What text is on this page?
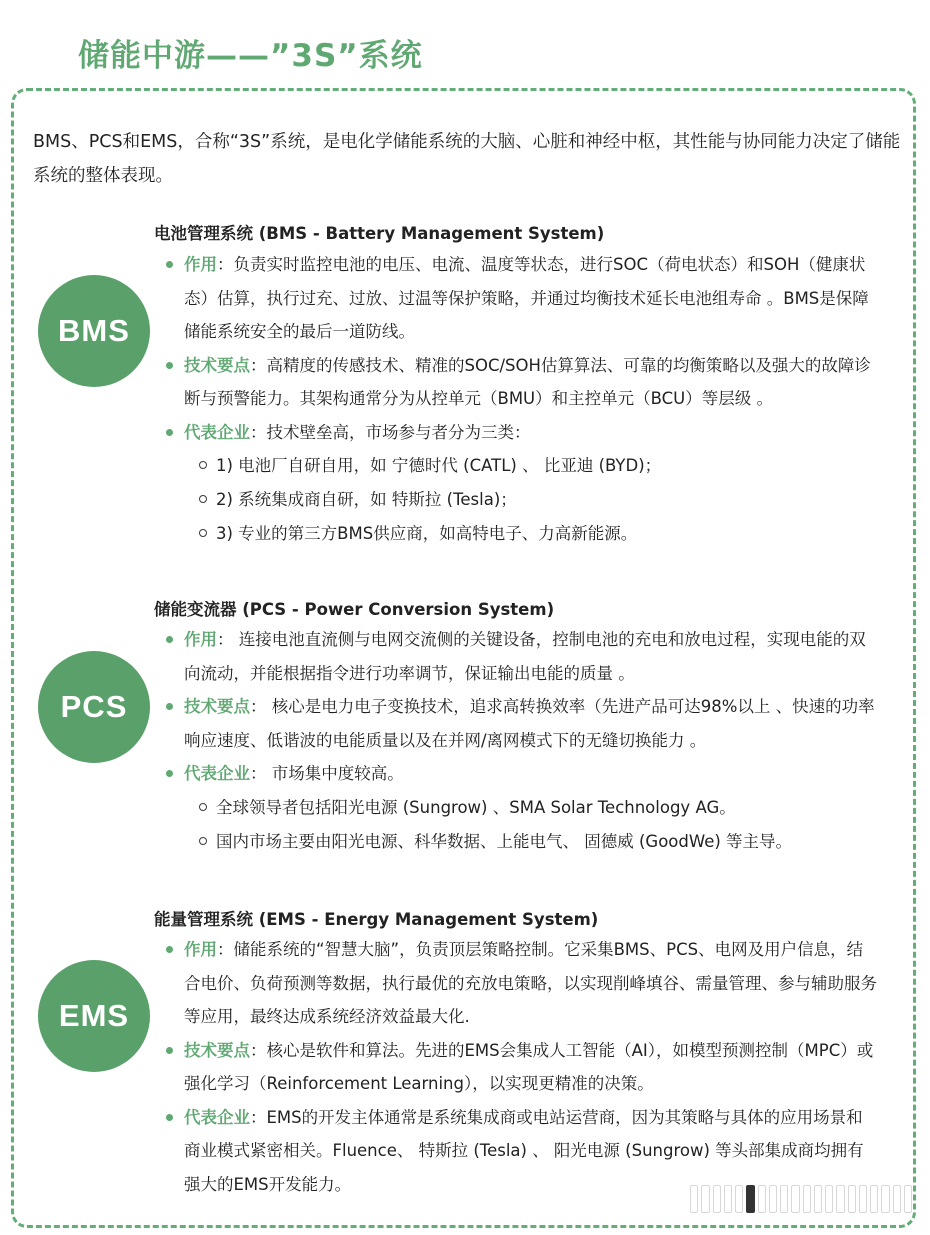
储能中游——”3S”系统

BMS、PCS和EMS，合称“3S”系统，是电化学储能系统的大脑、心脏和神经中枢，其性能与协同能力决定了储能系统的整体表现。

BMS
电池管理系统 (BMS - Battery Management System)
作用：负责实时监控电池的电压、电流、温度等状态，进行SOC（荷电状态）和SOH（健康状态）估算，执行过充、过放、过温等保护策略，并通过均衡技术延长电池组寿命 。BMS是保障储能系统安全的最后一道防线。
技术要点：高精度的传感技术、精准的SOC/SOH估算算法、可靠的均衡策略以及强大的故障诊断与预警能力。其架构通常分为从控单元（BMU）和主控单元（BCU）等层级 。
代表企业：技术壁垒高，市场参与者分为三类：
1) 电池厂自研自用，如 宁德时代 (CATL) 、 比亚迪 (BYD)；
2) 系统集成商自研，如 特斯拉 (Tesla)；
3) 专业的第三方BMS供应商，如高特电子、力高新能源。
PCS
储能变流器 (PCS - Power Conversion System)
作用： 连接电池直流侧与电网交流侧的关键设备，控制电池的充电和放电过程，实现电能的双向流动，并能根据指令进行功率调节，保证输出电能的质量 。
技术要点： 核心是电力电子变换技术，追求高转换效率（先进产品可达98%以上 、快速的功率响应速度、低谐波的电能质量以及在并网/离网模式下的无缝切换能力 。
代表企业： 市场集中度较高。
全球领导者包括阳光电源 (Sungrow) 、SMA Solar Technology AG。
国内市场主要由阳光电源、科华数据、上能电气、 固德威 (GoodWe) 等主导。
EMS
能量管理系统 (EMS - Energy Management System)
作用：储能系统的“智慧大脑”，负责顶层策略控制。它采集BMS、PCS、电网及用户信息，结合电价、负荷预测等数据，执行最优的充放电策略，以实现削峰填谷、需量管理、参与辅助服务等应用，最终达成系统经济效益最大化.
技术要点：核心是软件和算法。先进的EMS会集成人工智能（AI），如模型预测控制（MPC）或强化学习（Reinforcement Learning），以实现更精准的决策。
代表企业：EMS的开发主体通常是系统集成商或电站运营商，因为其策略与具体的应用场景和商业模式紧密相关。Fluence、 特斯拉 (Tesla) 、 阳光电源 (Sungrow) 等头部集成商均拥有强大的EMS开发能力。
